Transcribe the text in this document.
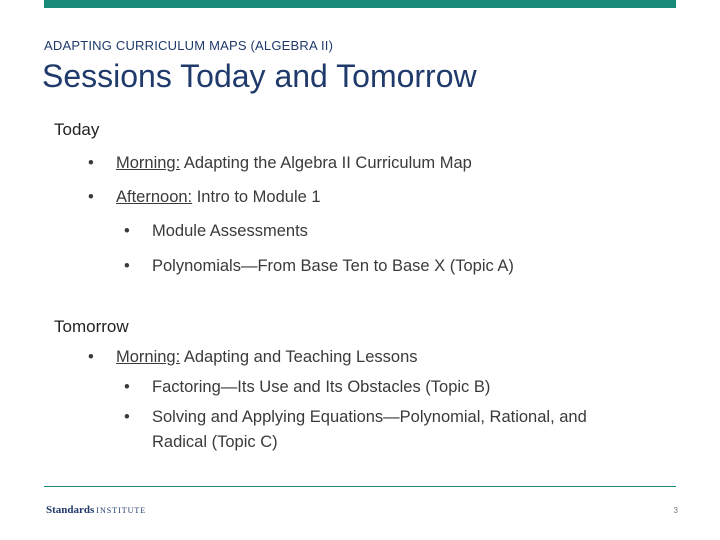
ADAPTING CURRICULUM MAPS (ALGEBRA II)
Sessions Today and Tomorrow
Today
• Morning: Adapting the Algebra II Curriculum Map
• Afternoon: Intro to Module 1
• Module Assessments
• Polynomials—From Base Ten to Base X (Topic A)
Tomorrow
• Morning: Adapting and Teaching Lessons
• Factoring—Its Use and Its Obstacles (Topic B)
• Solving and Applying Equations—Polynomial, Rational, and
Radical (Topic C)
Standards INSTITUTE	3
